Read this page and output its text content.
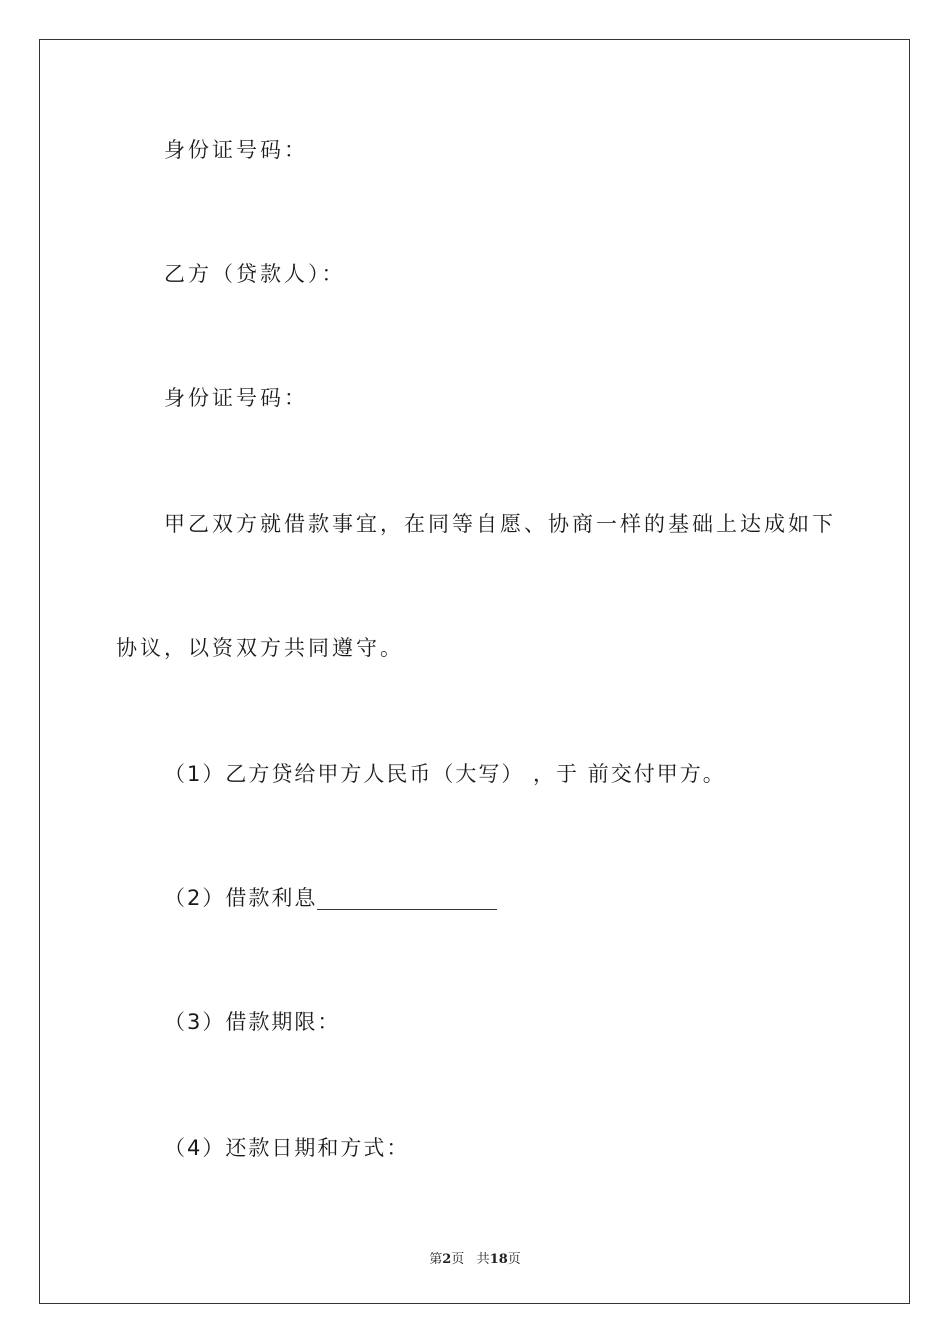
身份证号码：
乙方（贷款人）：
身份证号码：
甲乙双方就借款事宜，在同等自愿、协商一样的基础上达成如下
协议，以资双方共同遵守。
（1）乙方贷给甲方人民币（大写） ，于 前交付甲方。
（2）借款利息
（3）借款期限：
（4）还款日期和方式：
第2页 共18页
